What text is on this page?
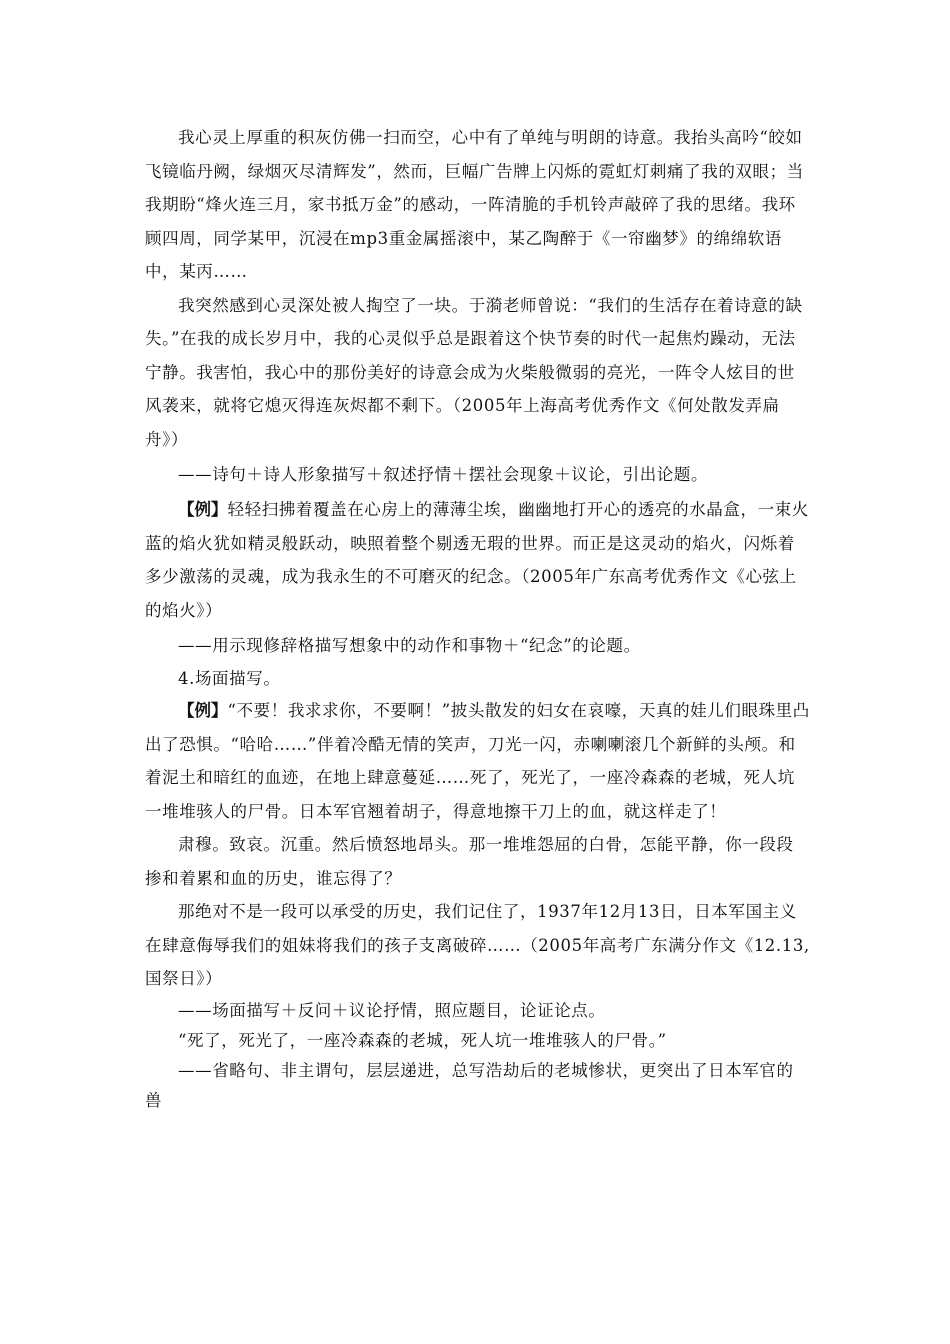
我心灵上厚重的积灰仿佛一扫而空，心中有了单纯与明朗的诗意。我抬头高吟“皎如飞镜临丹阙，绿烟灭尽清辉发”，然而，巨幅广告牌上闪烁的霓虹灯刺痛了我的双眼；当我期盼“烽火连三月，家书抵万金”的感动，一阵清脆的手机铃声敲碎了我的思绪。我环顾四周，同学某甲，沉浸在mp3重金属摇滚中，某乙陶醉于《一帘幽梦》的绵绵软语中，某丙……

我突然感到心灵深处被人掏空了一块。于漪老师曾说：“我们的生活存在着诗意的缺失。”在我的成长岁月中，我的心灵似乎总是跟着这个快节奏的时代一起焦灼躁动，无法宁静。我害怕，我心中的那份美好的诗意会成为火柴般微弱的亮光，一阵令人炫目的世风袭来，就将它熄灭得连灰烬都不剩下。（2005年上海高考优秀作文《何处散发弄扁舟》）

——诗句＋诗人形象描写＋叙述抒情＋摆社会现象＋议论，引出论题。

【例】轻轻扫拂着覆盖在心房上的薄薄尘埃，幽幽地打开心的透亮的水晶盒，一束火蓝的焰火犹如精灵般跃动，映照着整个剔透无瑕的世界。而正是这灵动的焰火，闪烁着多少激荡的灵魂，成为我永生的不可磨灭的纪念。（2005年广东高考优秀作文《心弦上的焰火》）

——用示现修辞格描写想象中的动作和事物＋“纪念”的论题。

4.场面描写。

【例】“不要！我求求你，不要啊！”披头散发的妇女在哀嚎，天真的娃儿们眼珠里凸出了恐惧。“哈哈……”伴着冷酷无情的笑声，刀光一闪，赤喇喇滚几个新鲜的头颅。和着泥土和暗红的血迹，在地上肆意蔓延……死了，死光了，一座冷森森的老城，死人坑一堆堆骇人的尸骨。日本军官翘着胡子，得意地擦干刀上的血，就这样走了！

肃穆。致哀。沉重。然后愤怒地昂头。那一堆堆怨屈的白骨，怎能平静，你一段段掺和着累和血的历史，谁忘得了？

那绝对不是一段可以承受的历史，我们记住了，1937年12月13日，日本军国主义在肆意侮辱我们的姐妹将我们的孩子支离破碎……（2005年高考广东满分作文《12.13,国祭日》）

——场面描写＋反问＋议论抒情，照应题目，论证论点。

“死了，死光了，一座冷森森的老城，死人坑一堆堆骇人的尸骨。”

——省略句、非主谓句，层层递进，总写浩劫后的老城惨状，更突出了日本军官的兽
